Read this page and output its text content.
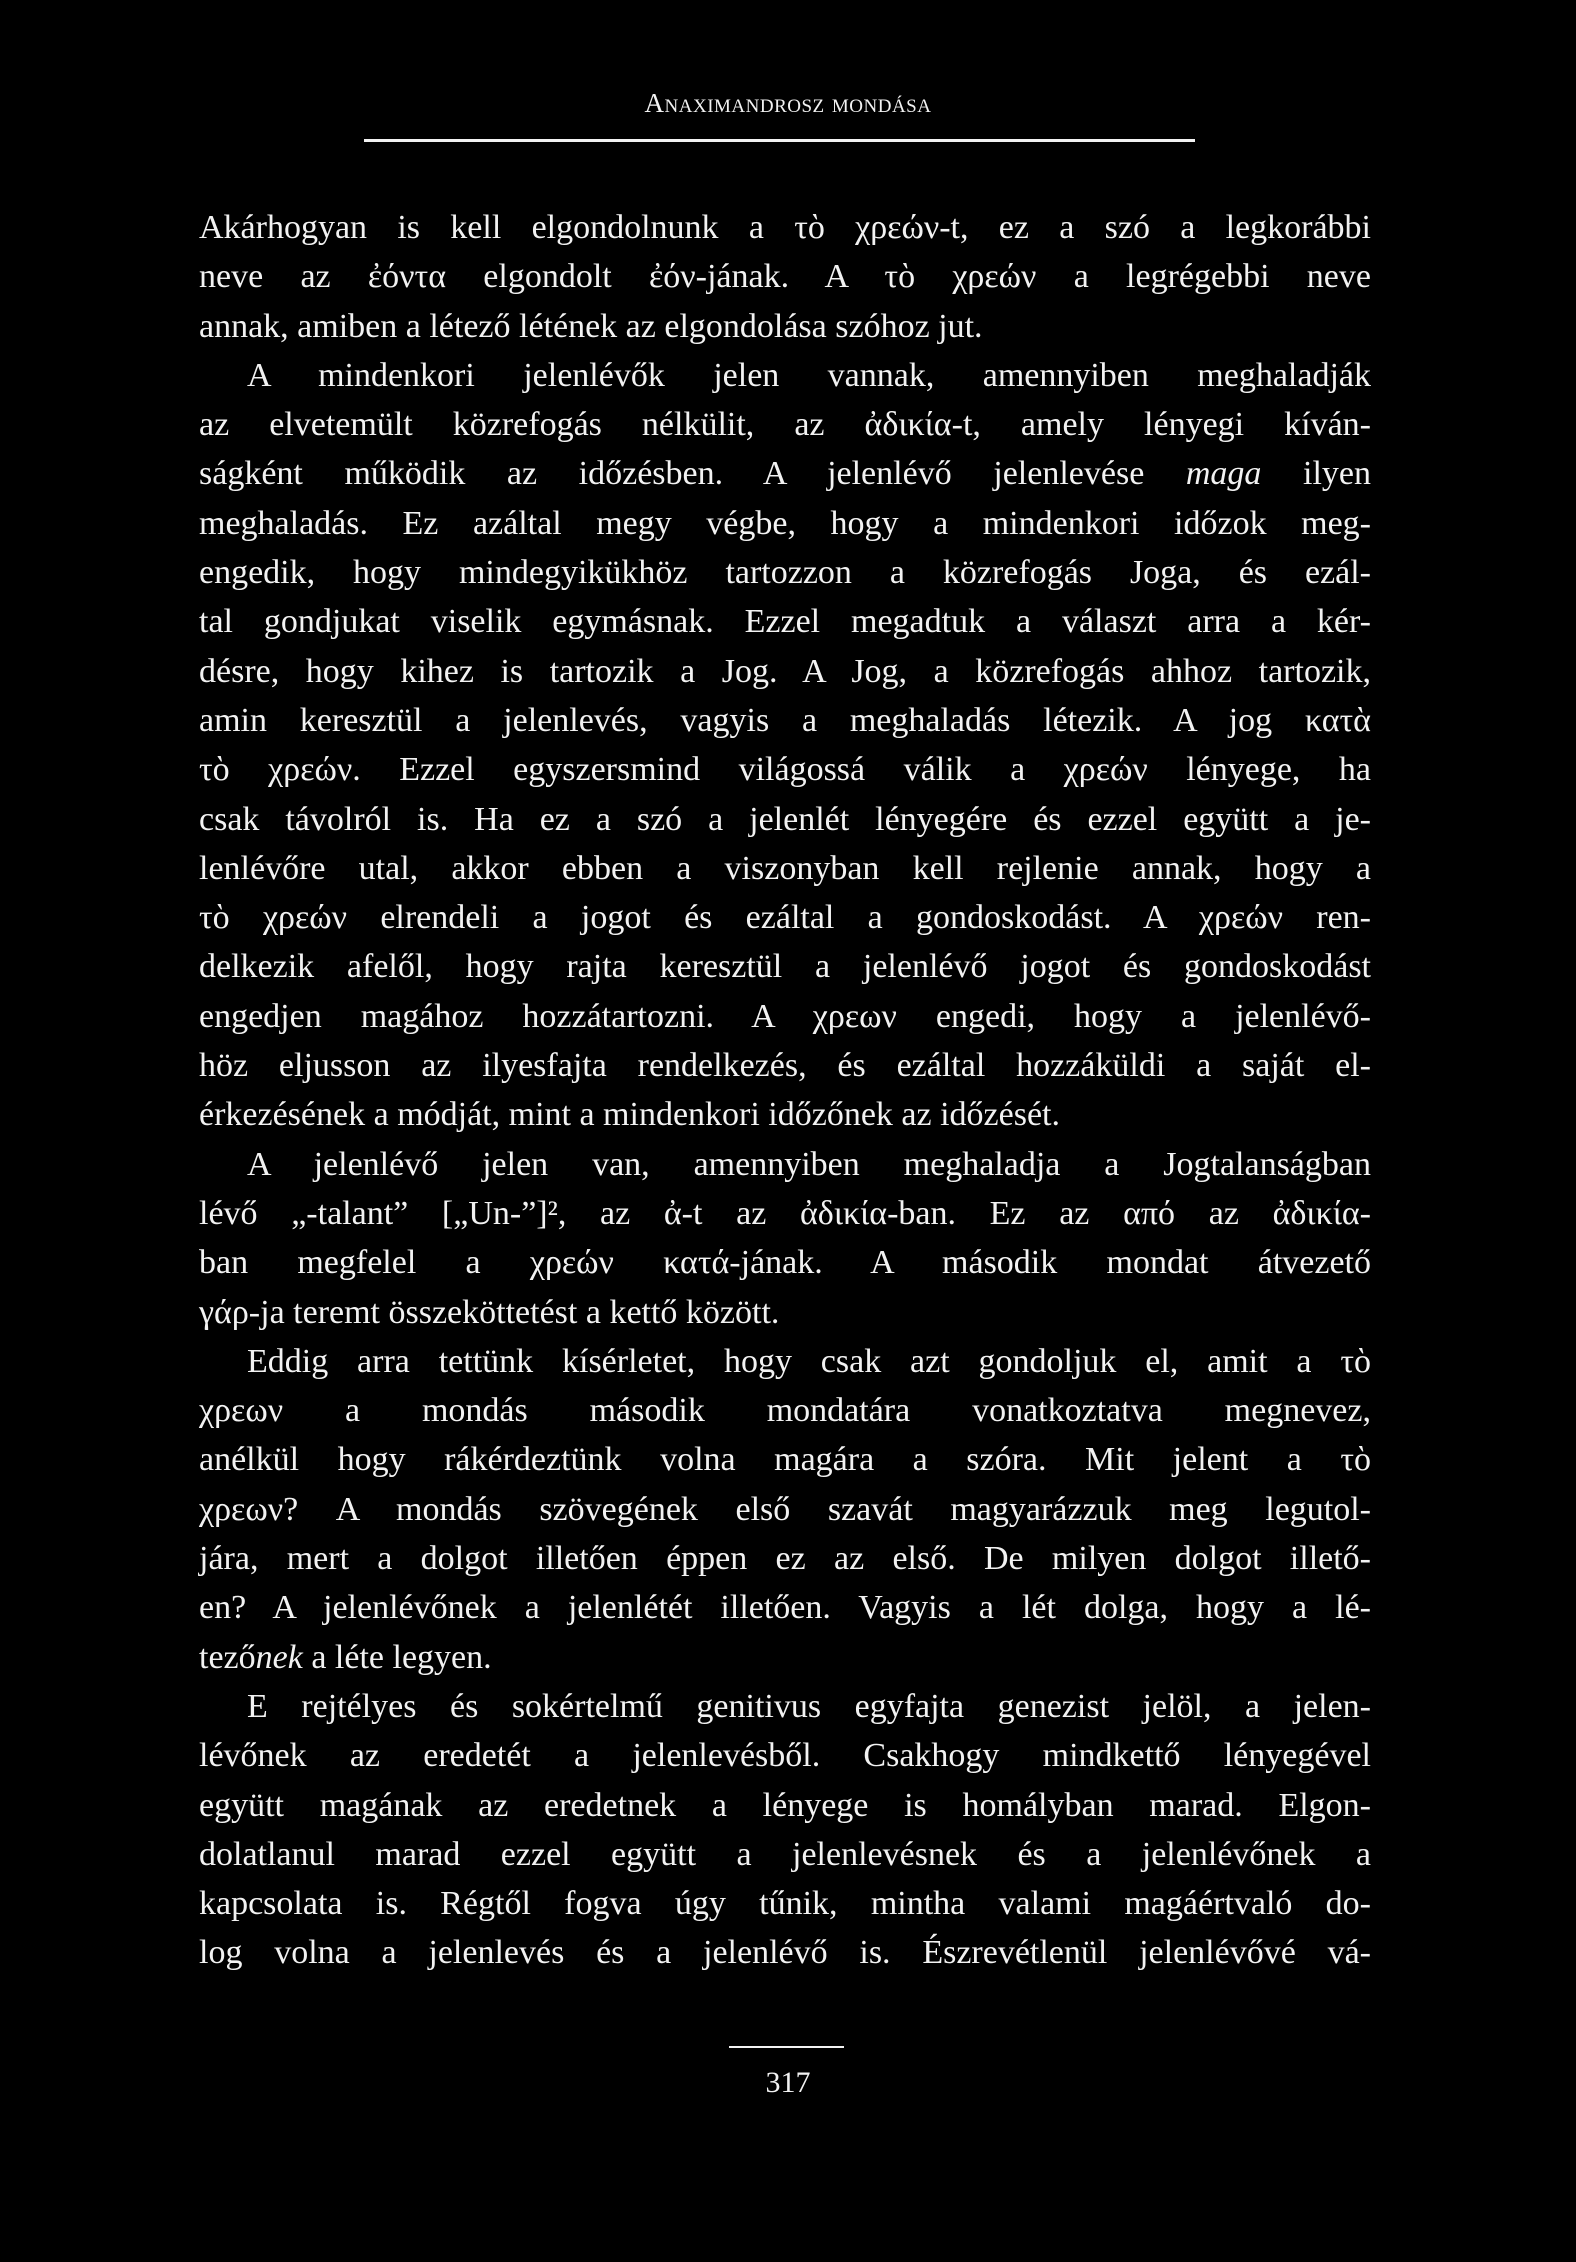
Anaximandrosz mondása
Akárhogyan is kell elgondolnunk a τὸ χρεών-t, ez a szó a legkorábbi
neve az ἐόντα elgondolt ἐόν-jának. A τὸ χρεών a legrégebbi neve
annak, amiben a létező létének az elgondolása szóhoz jut.
A mindenkori jelenlévők jelen vannak, amennyiben meghaladják
az elvetemült közrefogás nélkülit, az ἀδικία-t, amely lényegi kíván-
ságként működik az időzésben. A jelenlévő jelenlevése maga ilyen
meghaladás. Ez azáltal megy végbe, hogy a mindenkori időzok meg-
engedik, hogy mindegyikükhöz tartozzon a közrefogás Joga, és ezál-
tal gondjukat viselik egymásnak. Ezzel megadtuk a választ arra a kér-
désre, hogy kihez is tartozik a Jog. A Jog, a közrefogás ahhoz tartozik,
amin keresztül a jelenlevés, vagyis a meghaladás létezik. A jog κατὰ
τὸ χρεών. Ezzel egyszersmind világossá válik a χρεών lényege, ha
csak távolról is. Ha ez a szó a jelenlét lényegére és ezzel együtt a je-
lenlévőre utal, akkor ebben a viszonyban kell rejlenie annak, hogy a
τὸ χρεών elrendeli a jogot és ezáltal a gondoskodást. A χρεών ren-
delkezik afelől, hogy rajta keresztül a jelenlévő jogot és gondoskodást
engedjen magához hozzátartozni. A χρεων engedi, hogy a jelenlévő-
höz eljusson az ilyesfajta rendelkezés, és ezáltal hozzáküldi a saját el-
érkezésének a módját, mint a mindenkori időzőnek az időzését.
A jelenlévő jelen van, amennyiben meghaladja a Jogtalanságban
lévő „-talant” [„Un-”]², az ἀ-t az ἀδικία-ban. Ez az από az ἀδικία-
ban megfelel a χρεών κατά-jának. A második mondat átvezető
γάρ-ja teremt összeköttetést a kettő között.
Eddig arra tettünk kísérletet, hogy csak azt gondoljuk el, amit a τὸ
χρεων a mondás második mondatára vonatkoztatva megnevez,
anélkül hogy rákérdeztünk volna magára a szóra. Mit jelent a τὸ
χρεων? A mondás szövegének első szavát magyarázzuk meg legutol-
jára, mert a dolgot illetően éppen ez az első. De milyen dolgot illető-
en? A jelenlévőnek a jelenlétét illetően. Vagyis a lét dolga, hogy a lé-
tezőnek a léte legyen.
E rejtélyes és sokértelmű genitivus egyfajta genezist jelöl, a jelen-
lévőnek az eredetét a jelenlevésből. Csakhogy mindkettő lényegével
együtt magának az eredetnek a lényege is homályban marad. Elgon-
dolatlanul marad ezzel együtt a jelenlevésnek és a jelenlévőnek a
kapcsolata is. Régtől fogva úgy tűnik, mintha valami magáértvaló do-
log volna a jelenlevés és a jelenlévő is. Észrevétlenül jelenlévővé vá-
317
